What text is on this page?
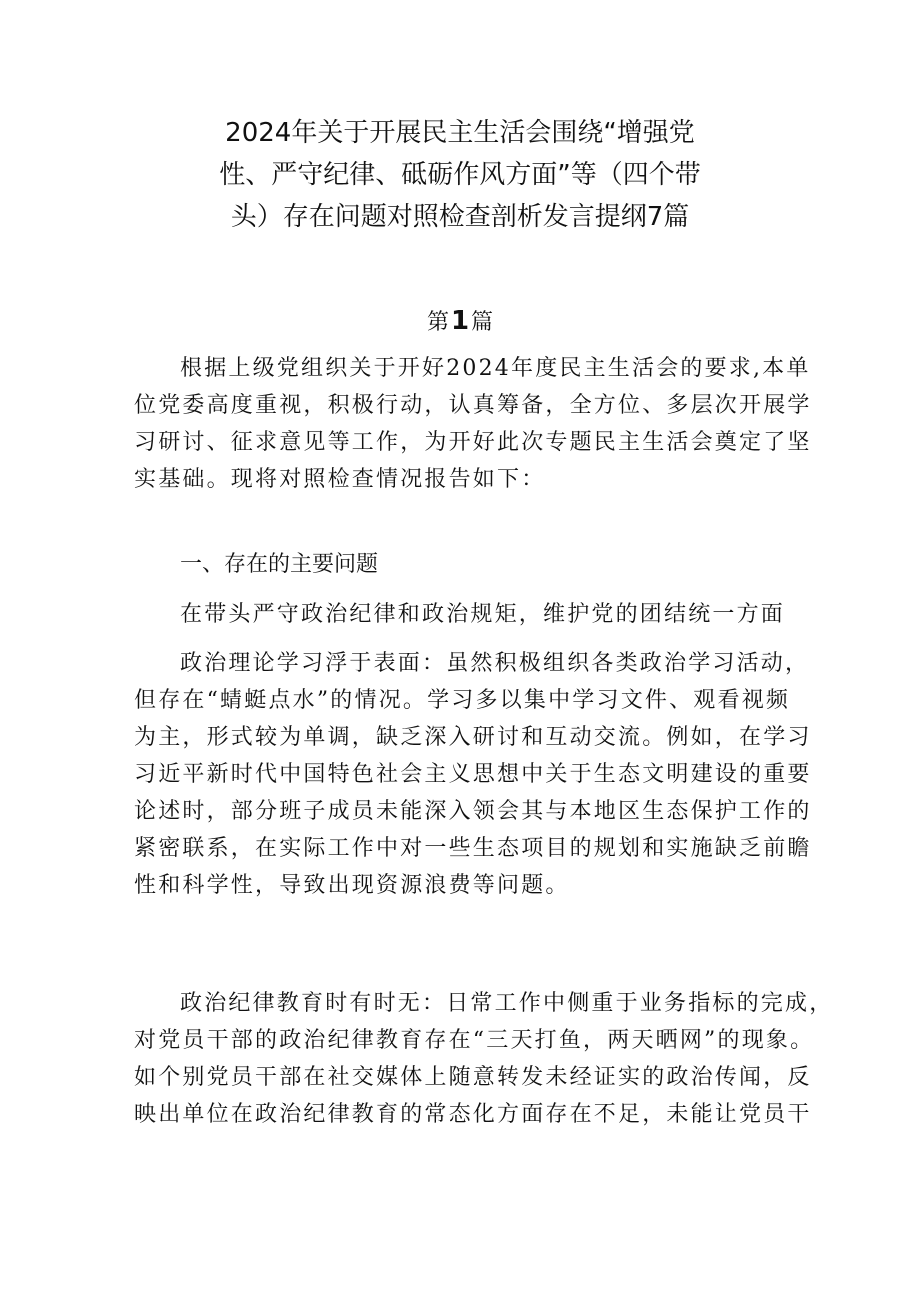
2024年关于开展民主生活会围绕“增强党
性、严守纪律、砥砺作风方面”等（四个带
头）存在问题对照检查剖析发言提纲7篇
第1篇
根据上级党组织关于开好2024年度民主生活会的要求,本单
位党委高度重视，积极行动，认真筹备，全方位、多层次开展学
习研讨、征求意见等工作，为开好此次专题民主生活会奠定了坚
实基础。现将对照检查情况报告如下：
一、存在的主要问题
在带头严守政治纪律和政治规矩，维护党的团结统一方面
政治理论学习浮于表面：虽然积极组织各类政治学习活动，
但存在“蜻蜓点水”的情况。学习多以集中学习文件、观看视频
为主，形式较为单调，缺乏深入研讨和互动交流。例如，在学习
习近平新时代中国特色社会主义思想中关于生态文明建设的重要
论述时，部分班子成员未能深入领会其与本地区生态保护工作的
紧密联系，在实际工作中对一些生态项目的规划和实施缺乏前瞻
性和科学性，导致出现资源浪费等问题。
政治纪律教育时有时无：日常工作中侧重于业务指标的完成，
对党员干部的政治纪律教育存在“三天打鱼，两天晒网”的现象。
如个别党员干部在社交媒体上随意转发未经证实的政治传闻，反
映出单位在政治纪律教育的常态化方面存在不足，未能让党员干
